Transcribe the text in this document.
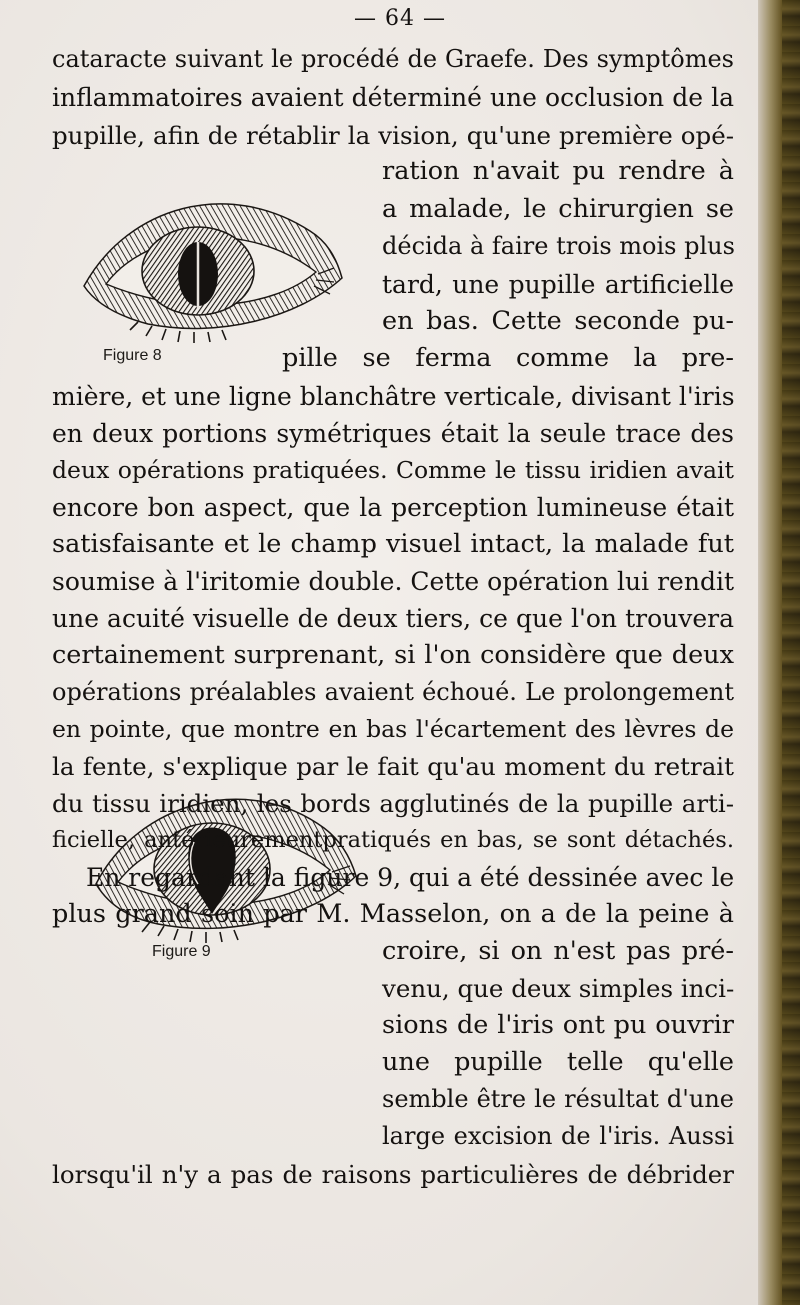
— 64 —
Figure 8
Figure 9
cataracte suivant le procédé de Graefe. Des symptômes
inflammatoires avaient déterminé une occlusion de la
pupille, afin de rétablir la vision, qu'une première opé-
ration n'avait pu rendre à
a malade, le chirurgien se
décida à faire trois mois plus
tard, une pupille artificielle
en bas. Cette seconde pu-
pille se ferma comme la pre-
mière, et une ligne blanchâtre verticale, divisant l'iris
en deux portions symétriques était la seule trace des
deux opérations pratiquées. Comme le tissu iridien avait
encore bon aspect, que la perception lumineuse était
satisfaisante et le champ visuel intact, la malade fut
soumise à l'iritomie double. Cette opération lui rendit
une acuité visuelle de deux tiers, ce que l'on trouvera
certainement surprenant, si l'on considère que deux
opérations préalables avaient échoué. Le prolongement
en pointe, que montre en bas l'écartement des lèvres de
la fente, s'explique par le fait qu'au moment du retrait
du tissu iridien, les bords agglutinés de la pupille arti-
ficielle, antérieurementpratiqués en bas, se sont détachés.
En regardant la figure 9, qui a été dessinée avec le
plus grand soin par M. Masselon, on a de la peine à
croire, si on n'est pas pré-
venu, que deux simples inci-
sions de l'iris ont pu ouvrir
une pupille telle qu'elle
semble être le résultat d'une
large excision de l'iris. Aussi
lorsqu'il n'y a pas de raisons particulières de débrider
